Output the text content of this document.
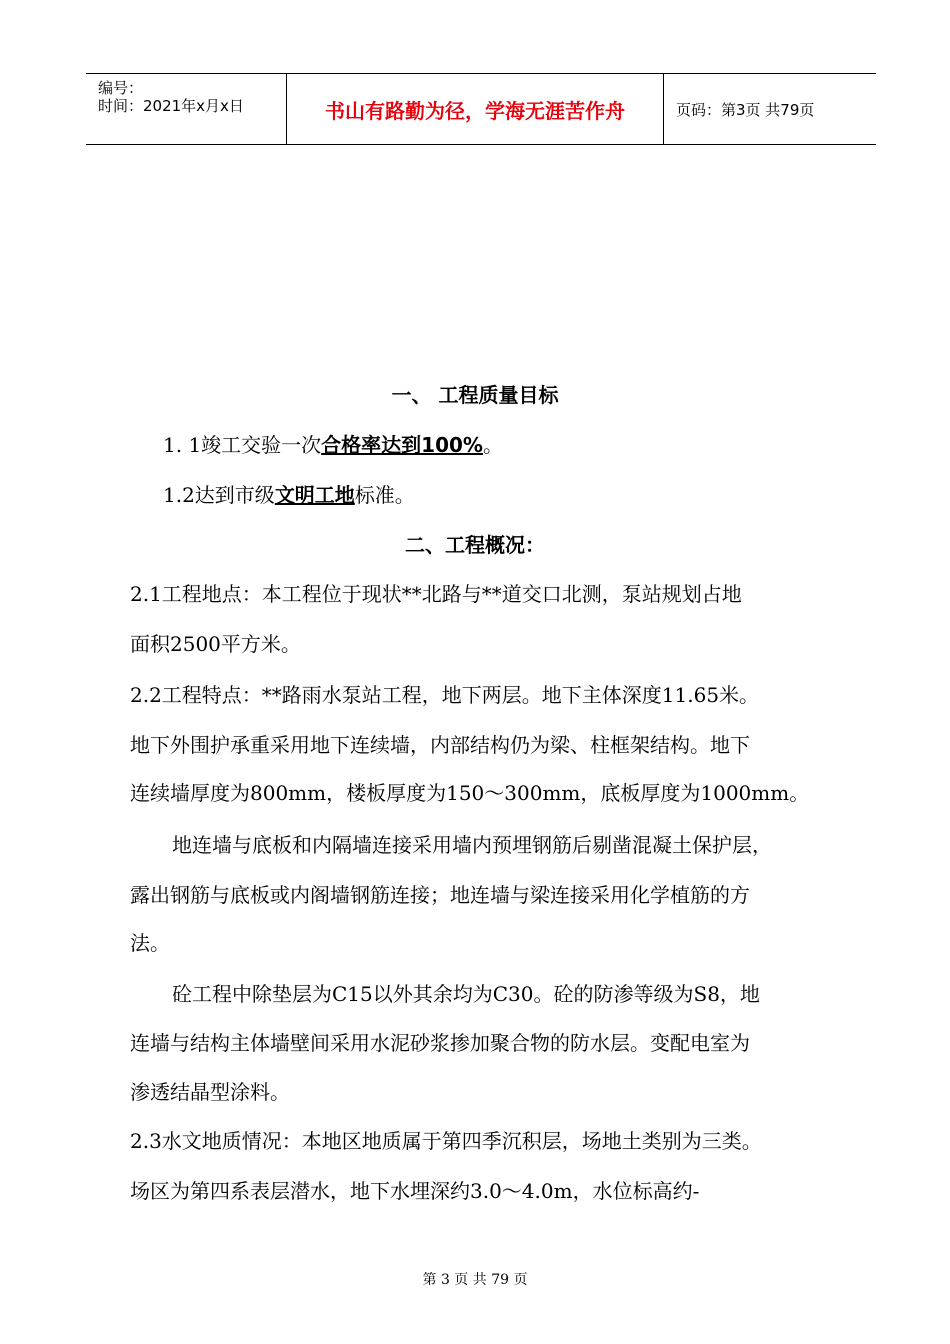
编号：
时间：2021年x月x日	书山有路勤为径，学海无涯苦作舟	页码：第3页 共79页
一、 工程质量目标
1. 1竣工交验一次合格率达到100%。
1.2达到市级文明工地标准。
二、工程概况：
2.1工程地点：本工程位于现状**北路与**道交口北测，泵站规划占地
面积2500平方米。
2.2工程特点：**路雨水泵站工程，地下两层。地下主体深度11.65米。
地下外围护承重采用地下连续墙，内部结构仍为梁、柱框架结构。地下
连续墙厚度为800mm，楼板厚度为150～300mm，底板厚度为1000mm。
地连墙与底板和内隔墙连接采用墙内预埋钢筋后剔凿混凝土保护层，
露出钢筋与底板或内阁墙钢筋连接；地连墙与梁连接采用化学植筋的方
法。
砼工程中除垫层为C15以外其余均为C30。砼的防渗等级为S8，地
连墙与结构主体墙壁间采用水泥砂浆掺加聚合物的防水层。变配电室为
渗透结晶型涂料。
2.3水文地质情况：本地区地质属于第四季沉积层，场地土类别为三类。
场区为第四系表层潜水，地下水埋深约3.0～4.0m，水位标高约-
第 3 页 共 79 页
